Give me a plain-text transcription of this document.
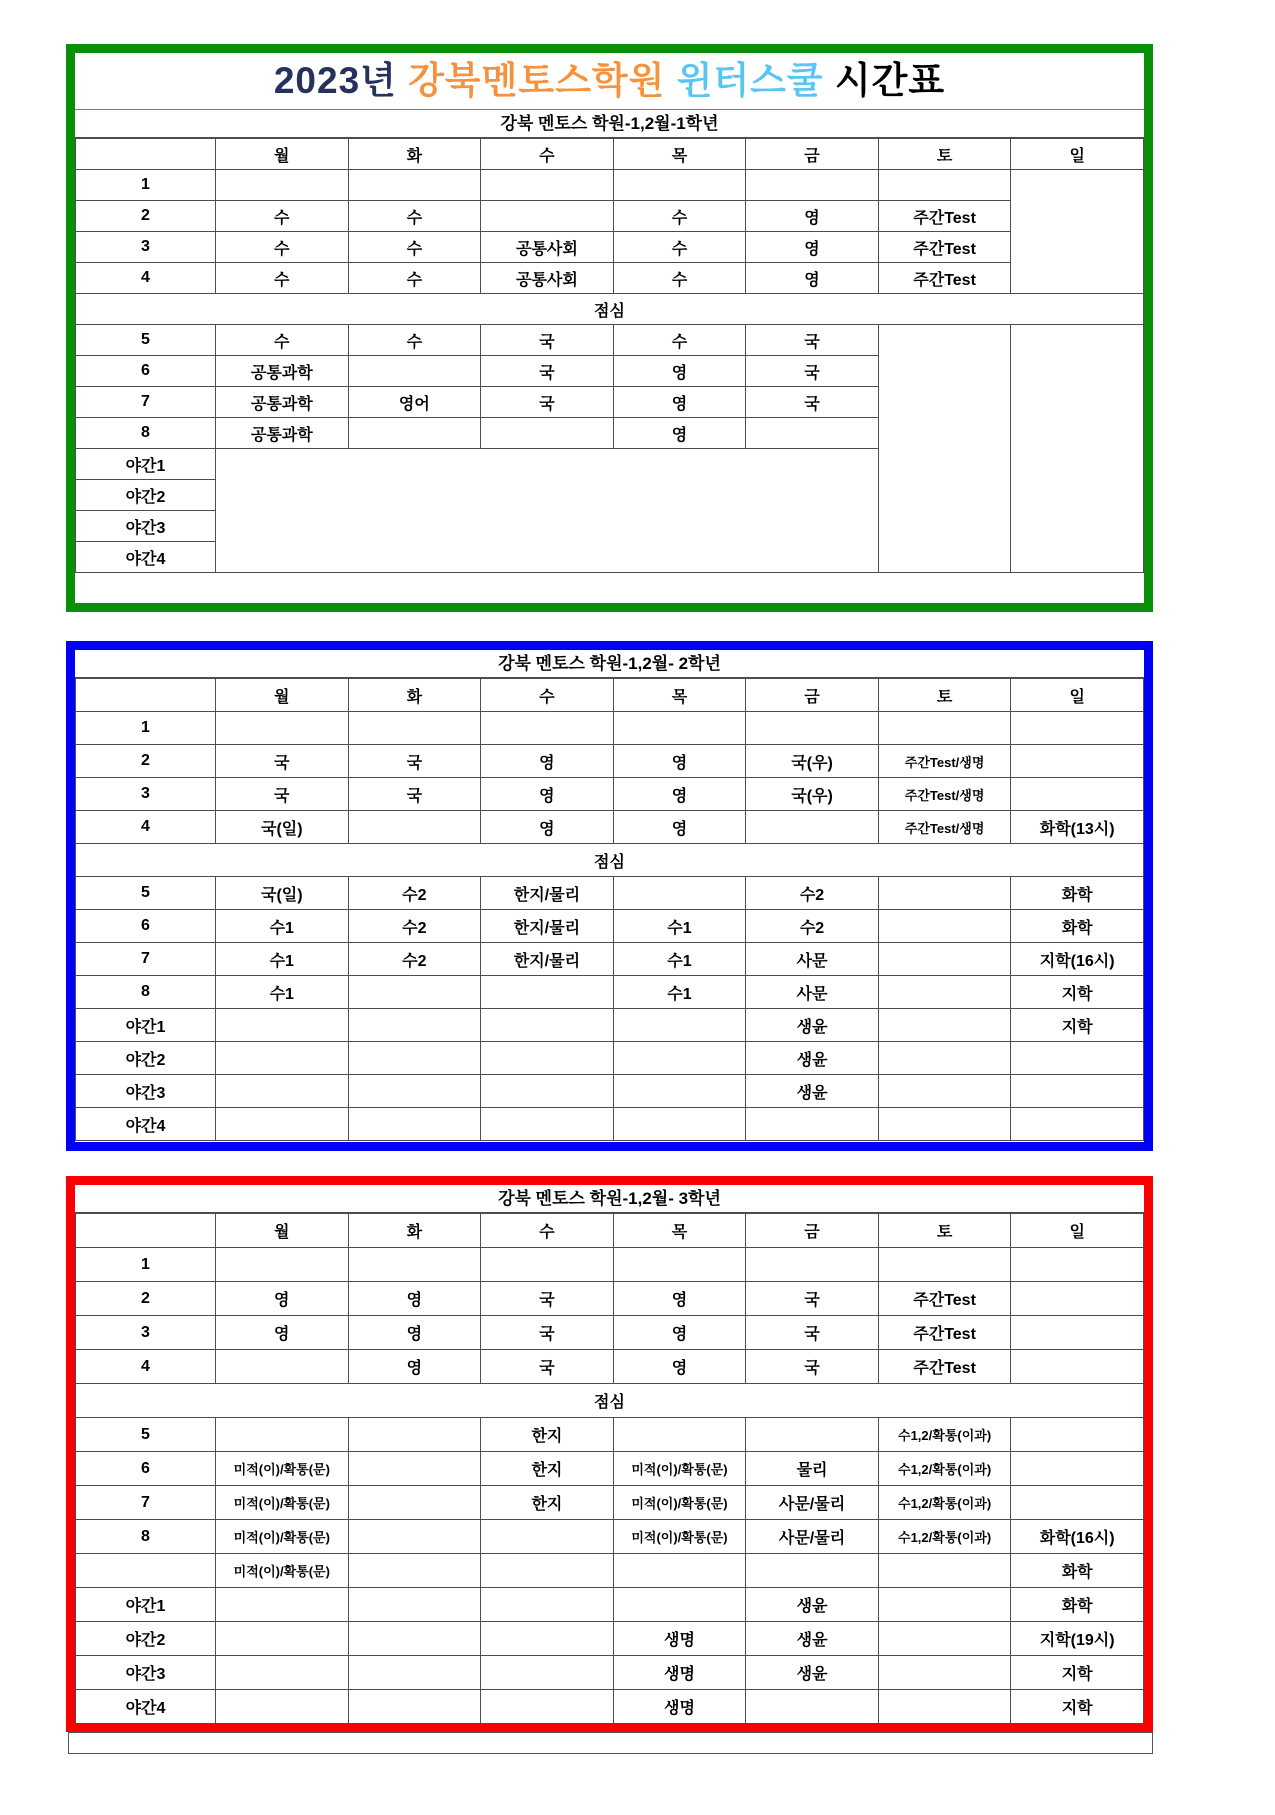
2023년 강북멘토스학원 윈터스쿨 시간표
강북 멘토스 학원-1,2월-1학년
	월	화	수	목	금	토	일
1							
2	수	수		수	영	주간Test	
3	수	수	공통사회	수	영	주간Test	
4	수	수	공통사회	수	영	주간Test	
점심							
5	수	수	국	수	국		
6	공통과학		국	영	국		
7	공통과학	영어	국	영	국		
8	공통과학			영			
야간1							
야간2							
야간3							
야간4							
강북 멘토스 학원-1,2월- 2학년
	월	화	수	목	금	토	일
1							
2	국	국	영	영	국(우)	주간Test/생명	
3	국	국	영	영	국(우)	주간Test/생명	
4	국(일)		영	영		주간Test/생명	화학(13시)
점심							
5	국(일)	수2	한지/물리		수2		화학
6	수1	수2	한지/물리	수1	수2		화학
7	수1	수2	한지/물리	수1	사문		지학(16시)
8	수1			수1	사문		지학
야간1					생윤		지학
야간2					생윤		
야간3					생윤		
야간4							
강북 멘토스 학원-1,2월- 3학년
	월	화	수	목	금	토	일
1							
2	영	영	국	영	국	주간Test	
3	영	영	국	영	국	주간Test	
4		영	국	영	국	주간Test	
점심							
5			한지			수1,2/확통(이과)	
6	미적(이)/확통(문)		한지	미적(이)/확통(문)	물리	수1,2/확통(이과)	
7	미적(이)/확통(문)		한지	미적(이)/확통(문)	사문/물리	수1,2/확통(이과)	
8	미적(이)/확통(문)			미적(이)/확통(문)	사문/물리	수1,2/확통(이과)	화학(16시)
	미적(이)/확통(문)						화학
야간1					생윤		화학
야간2				생명	생윤		지학(19시)
야간3				생명	생윤		지학
야간4				생명			지학
